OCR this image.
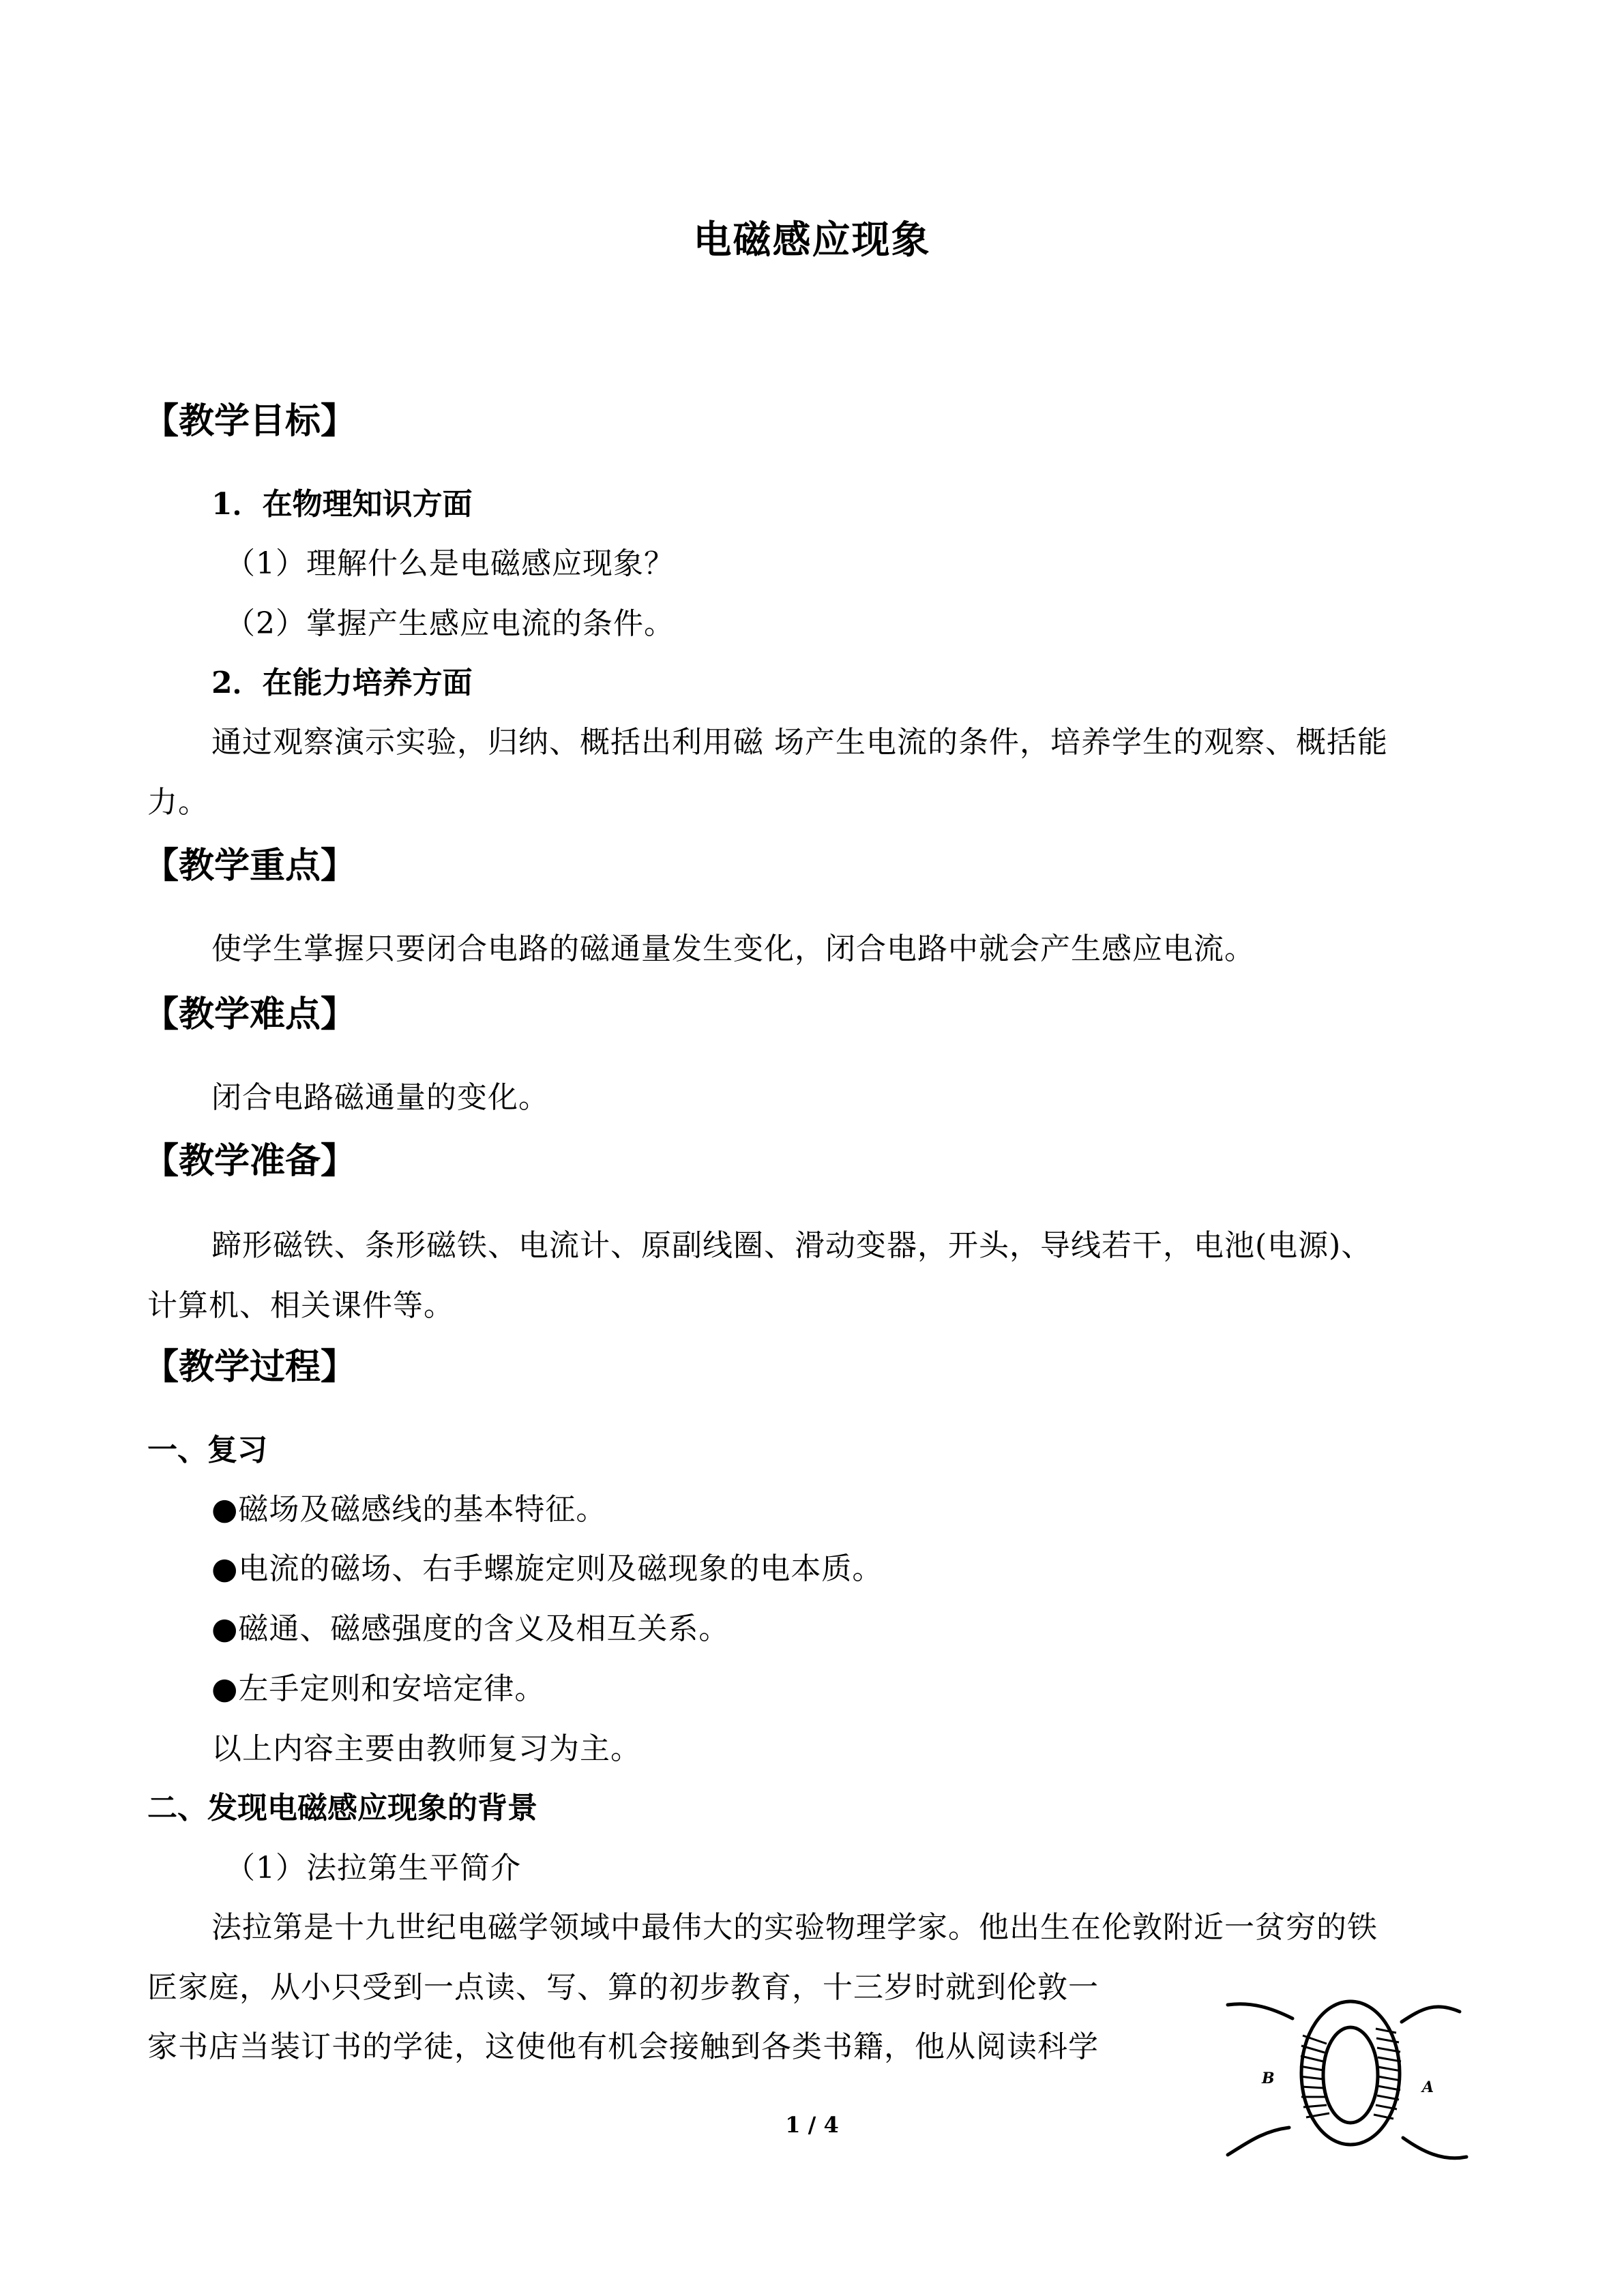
电磁感应现象
【教学目标】
1．在物理知识方面
（1）理解什么是电磁感应现象？
（2）掌握产生感应电流的条件。
2．在能力培养方面
通过观察演示实验，归纳、概括出利用磁 场产生电流的条件，培养学生的观察、概括能
力。
【教学重点】
使学生掌握只要闭合电路的磁通量发生变化，闭合电路中就会产生感应电流。
【教学难点】
闭合电路磁通量的变化。
【教学准备】
蹄形磁铁、条形磁铁、电流计、原副线圈、滑动变器，开头，导线若干，电池(电源)、
计算机、相关课件等。
【教学过程】
一、复习
●磁场及磁感线的基本特征。
●电流的磁场、右手螺旋定则及磁现象的电本质。
●磁通、磁感强度的含义及相互关系。
●左手定则和安培定律。
以上内容主要由教师复习为主。
二、发现电磁感应现象的背景
（1）法拉第生平简介
法拉第是十九世纪电磁学领域中最伟大的实验物理学家。他出生在伦敦附近一贫穷的铁
匠家庭，从小只受到一点读、写、算的初步教育，十三岁时就到伦敦一
家书店当装订书的学徒，这使他有机会接触到各类书籍，他从阅读科学
B	A
1 / 4
